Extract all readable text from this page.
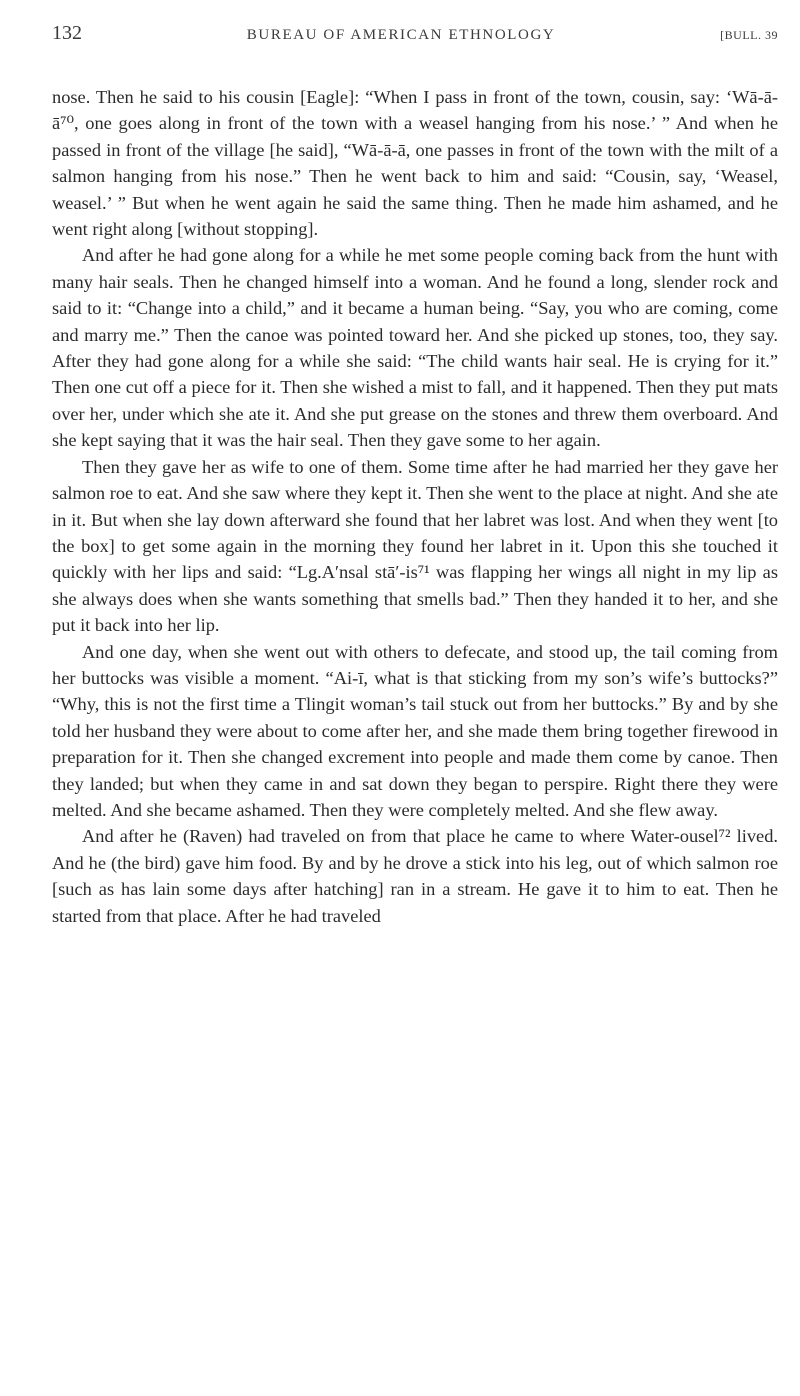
132	BUREAU OF AMERICAN ETHNOLOGY	[BULL. 39

nose. Then he said to his cousin [Eagle]: “When I pass in front of the town, cousin, say: ‘Wā-ā-ā⁷⁰, one goes along in front of the town with a weasel hanging from his nose.’ ” And when he passed in front of the village [he said], “Wā-ā-ā, one passes in front of the town with the milt of a salmon hanging from his nose.” Then he went back to him and said: “Cousin, say, ‘Weasel, weasel.’ ” But when he went again he said the same thing. Then he made him ashamed, and he went right along [without stopping].

And after he had gone along for a while he met some people coming back from the hunt with many hair seals. Then he changed himself into a woman. And he found a long, slender rock and said to it: “Change into a child,” and it became a human being. “Say, you who are coming, come and marry me.” Then the canoe was pointed toward her. And she picked up stones, too, they say. After they had gone along for a while she said: “The child wants hair seal. He is crying for it.” Then one cut off a piece for it. Then she wished a mist to fall, and it happened. Then they put mats over her, under which she ate it. And she put grease on the stones and threw them overboard. And she kept saying that it was the hair seal. Then they gave some to her again.

Then they gave her as wife to one of them. Some time after he had married her they gave her salmon roe to eat. And she saw where they kept it. Then she went to the place at night. And she ate in it. But when she lay down afterward she found that her labret was lost. And when they went [to the box] to get some again in the morning they found her labret in it. Upon this she touched it quickly with her lips and said: “Lg.A′nsal stā′-is⁷¹ was flapping her wings all night in my lip as she always does when she wants something that smells bad.” Then they handed it to her, and she put it back into her lip.

And one day, when she went out with others to defecate, and stood up, the tail coming from her buttocks was visible a moment. “Ai-ī, what is that sticking from my son’s wife’s buttocks?” “Why, this is not the first time a Tlingit woman’s tail stuck out from her buttocks.” By and by she told her husband they were about to come after her, and she made them bring together firewood in preparation for it. Then she changed excrement into people and made them come by canoe. Then they landed; but when they came in and sat down they began to perspire. Right there they were melted. And she became ashamed. Then they were completely melted. And she flew away.

And after he (Raven) had traveled on from that place he came to where Water-ousel⁷² lived. And he (the bird) gave him food. By and by he drove a stick into his leg, out of which salmon roe [such as has lain some days after hatching] ran in a stream. He gave it to him to eat. Then he started from that place. After he had traveled
